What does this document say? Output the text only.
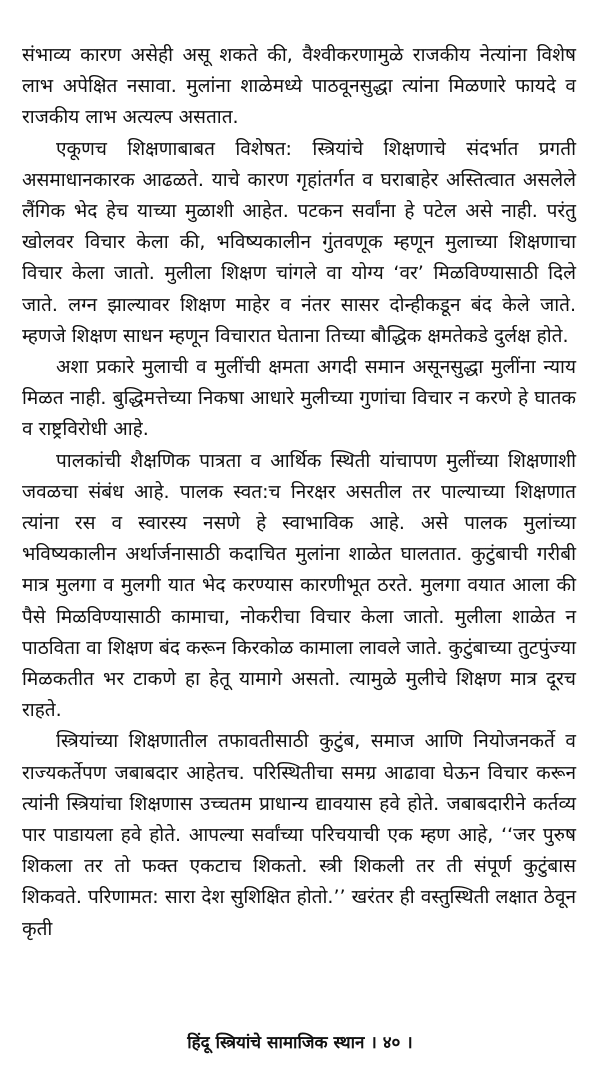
संभाव्य कारण असेही असू शकते की, वैश्वीकरणामुळे राजकीय नेत्यांना विशेष लाभ अपेक्षित नसावा. मुलांना शाळेमध्ये पाठवूनसुद्धा त्यांना मिळणारे फायदे व राजकीय लाभ अत्यल्प असतात.

एकूणच शिक्षणाबाबत विशेषत: स्त्रियांचे शिक्षणाचे संदर्भात प्रगती असमाधानकारक आढळते. याचे कारण गृहांतर्गत व घराबाहेर अस्तित्वात असलेले लैंगिक भेद हेच याच्या मुळाशी आहेत. पटकन सर्वांना हे पटेल असे नाही. परंतु खोलवर विचार केला की, भविष्यकालीन गुंतवणूक म्हणून मुलाच्या शिक्षणाचा विचार केला जातो. मुलीला शिक्षण चांगले वा योग्य ‘वर’ मिळविण्यासाठी दिले जाते. लग्न झाल्यावर शिक्षण माहेर व नंतर सासर दोन्हीकडून बंद केले जाते. म्हणजे शिक्षण साधन म्हणून विचारात घेताना तिच्या बौद्धिक क्षमतेकडे दुर्लक्ष होते.

अशा प्रकारे मुलाची व मुलींची क्षमता अगदी समान असूनसुद्धा मुलींना न्याय मिळत नाही. बुद्धिमत्तेच्या निकषा आधारे मुलीच्या गुणांचा विचार न करणे हे घातक व राष्ट्रविरोधी आहे.

पालकांची शैक्षणिक पात्रता व आर्थिक स्थिती यांचापण मुलींच्या शिक्षणाशी जवळचा संबंध आहे. पालक स्वत:च निरक्षर असतील तर पाल्याच्या शिक्षणात त्यांना रस व स्वारस्य नसणे हे स्वाभाविक आहे. असे पालक मुलांच्या भविष्यकालीन अर्थार्जनासाठी कदाचित मुलांना शाळेत घालतात. कुटुंबाची गरीबी मात्र मुलगा व मुलगी यात भेद करण्यास कारणीभूत ठरते. मुलगा वयात आला की पैसे मिळविण्यासाठी कामाचा, नोकरीचा विचार केला जातो. मुलीला शाळेत न पाठविता वा शिक्षण बंद करून किरकोळ कामाला लावले जाते. कुटुंबाच्या तुटपुंज्या मिळकतीत भर टाकणे हा हेतू यामागे असतो. त्यामुळे मुलीचे शिक्षण मात्र दूरच राहते.

स्त्रियांच्या शिक्षणातील तफावतीसाठी कुटुंब, समाज आणि नियोजनकर्ते व राज्यकर्तेपण जबाबदार आहेतच. परिस्थितीचा समग्र आढावा घेऊन विचार करून त्यांनी स्त्रियांचा शिक्षणास उच्चतम प्राधान्य द्यावयास हवे होते. जबाबदारीने कर्तव्य पार पाडायला हवे होते. आपल्या सर्वांच्या परिचयाची एक म्हण आहे, ‘‘जर पुरुष शिकला तर तो फक्त एकटाच शिकतो. स्त्री शिकली तर ती संपूर्ण कुटुंबास शिकवते. परिणामत: सारा देश सुशिक्षित होतो.’’ खरंतर ही वस्तुस्थिती लक्षात ठेवून कृती

हिंदू स्त्रियांचे सामाजिक स्थान । ४० ।
